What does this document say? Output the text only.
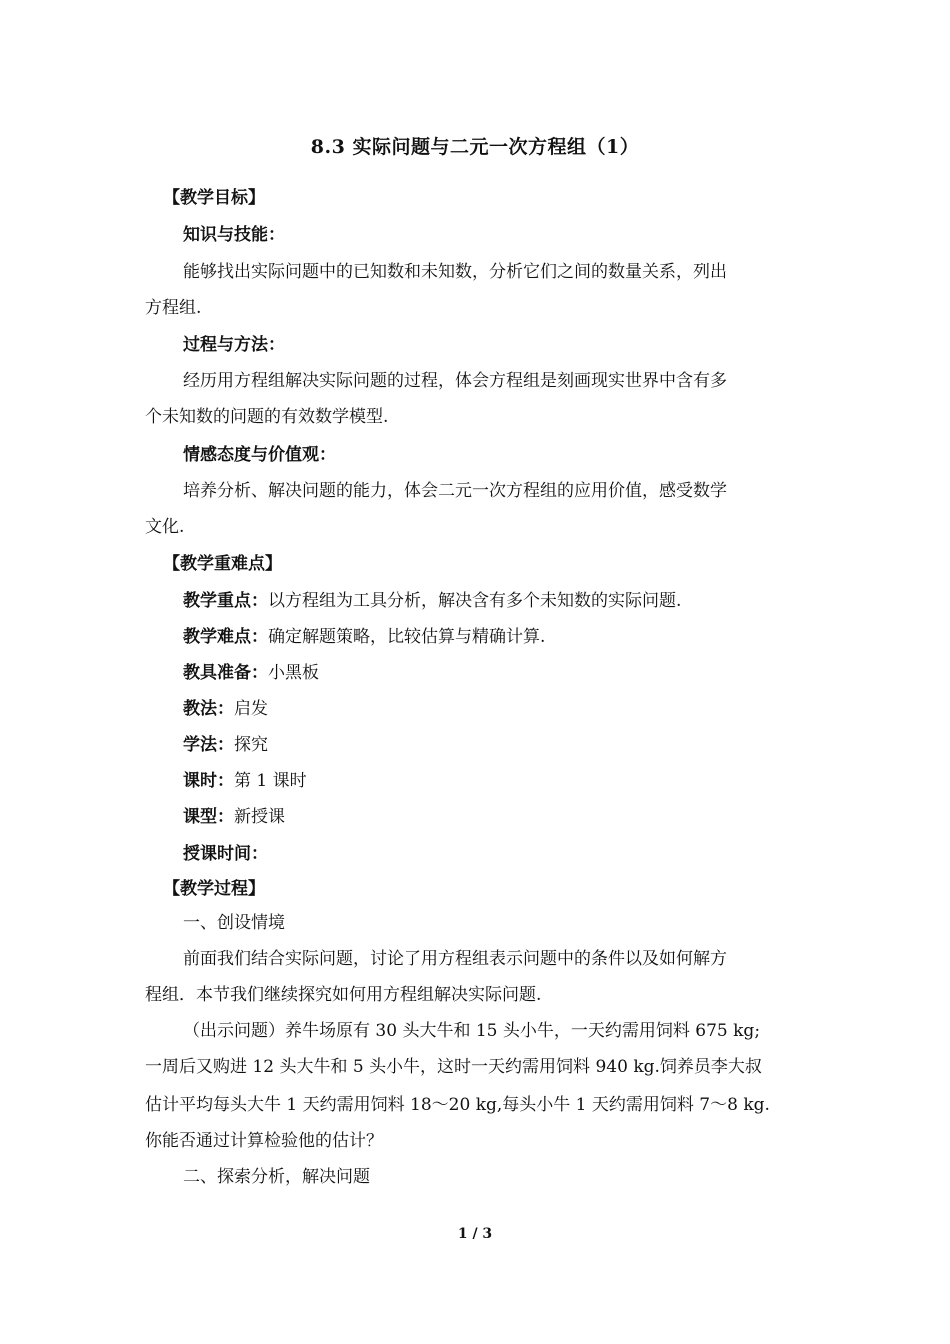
8.3 实际问题与二元一次方程组（1）
【教学目标】
知识与技能：
能够找出实际问题中的已知数和未知数，分析它们之间的数量关系，列出
方程组.
过程与方法：
经历用方程组解决实际问题的过程，体会方程组是刻画现实世界中含有多
个未知数的问题的有效数学模型.
情感态度与价值观：
培养分析、解决问题的能力，体会二元一次方程组的应用价值，感受数学
文化.
【教学重难点】
教学重点：以方程组为工具分析，解决含有多个未知数的实际问题.
教学难点：确定解题策略，比较估算与精确计算.
教具准备：小黑板
教法：启发
学法：探究
课时：第 1 课时
课型：新授课
授课时间：
【教学过程】
一、创设情境
前面我们结合实际问题，讨论了用方程组表示问题中的条件以及如何解方
程组．本节我们继续探究如何用方程组解决实际问题.
（出示问题）养牛场原有 30 头大牛和 15 头小牛，一天约需用饲料 675 kg;
一周后又购进 12 头大牛和 5 头小牛，这时一天约需用饲料 940 kg.饲养员李大叔
估计平均每头大牛 1 天约需用饲料 18～20 kg,每头小牛 1 天约需用饲料 7～8 kg.
你能否通过计算检验他的估计？
二、探索分析，解决问题
1 / 3
